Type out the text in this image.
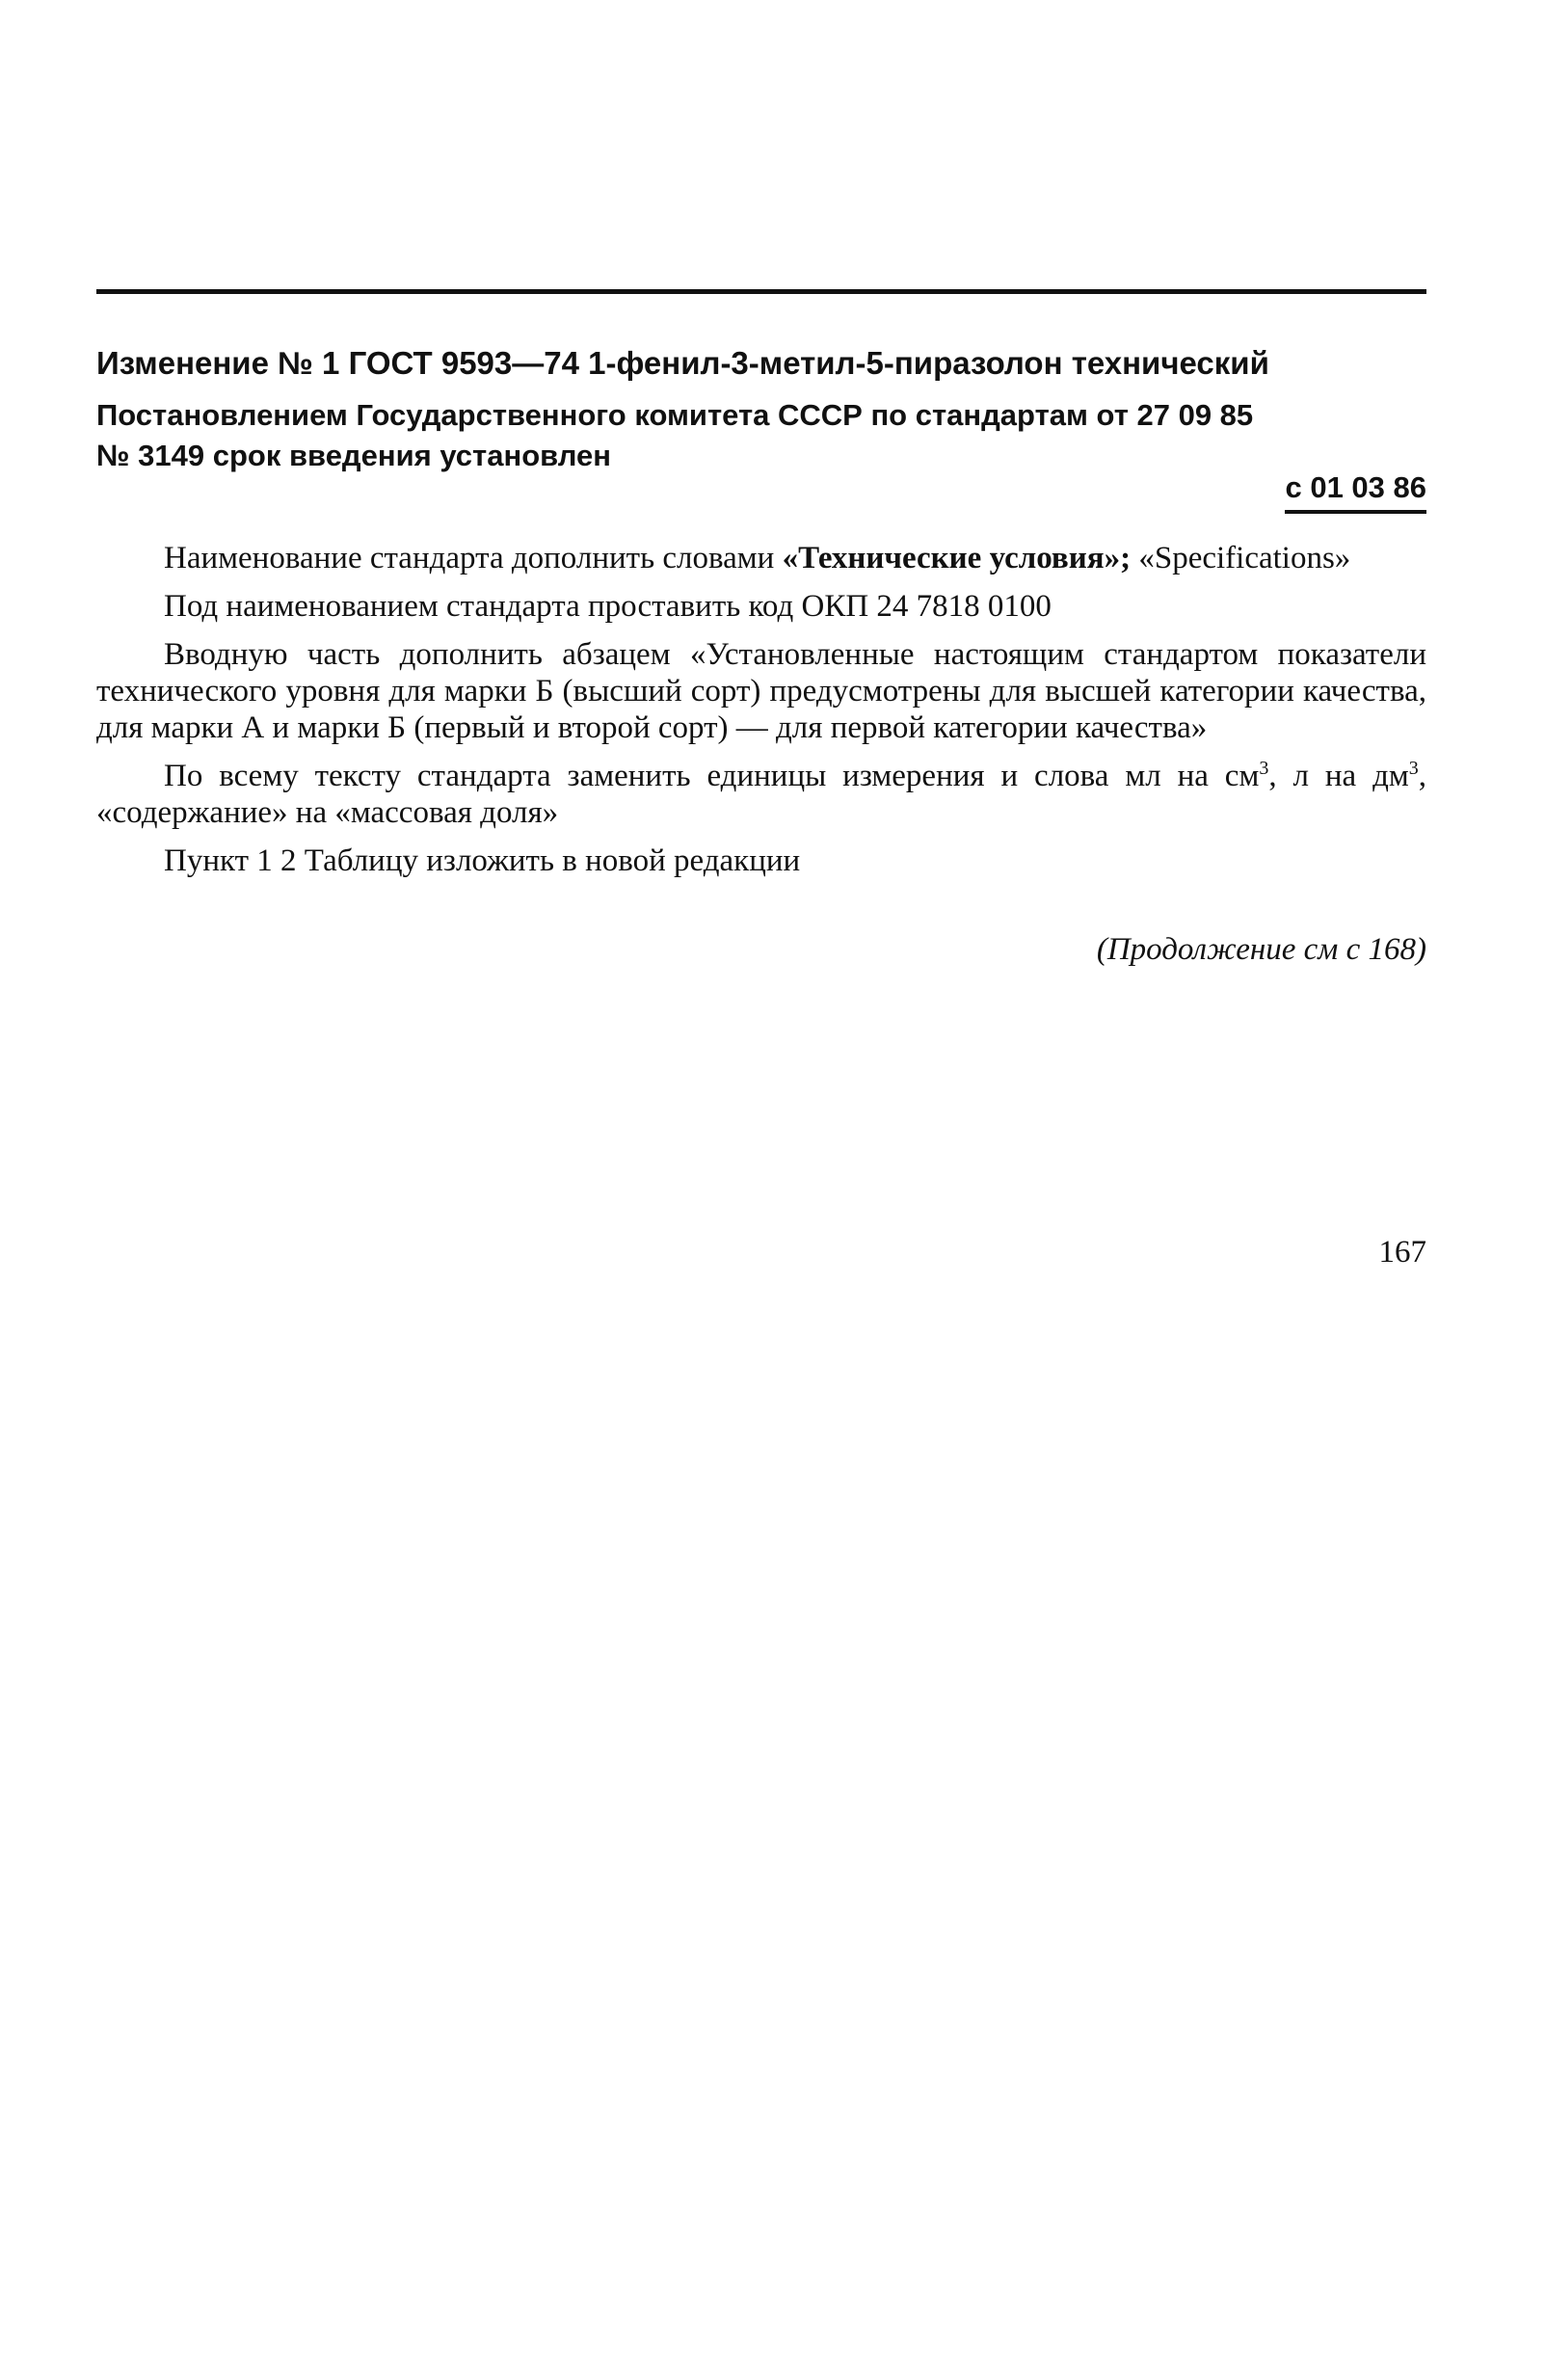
Изменение № 1 ГОСТ 9593—74 1-фенил-3-метил-5-пиразолон технический
Постановлением Государственного комитета СССР по стандартам от 27 09 85
№ 3149 срок введения установлен
с 01 03 86

Наименование стандарта дополнить словами «Технические условия»; «Specifications»

Под наименованием стандарта проставить код ОКП 24 7818 0100

Вводную часть дополнить абзацем «Установленные настоящим стандартом показатели технического уровня для марки Б (высший сорт) предусмотрены для высшей категории качества, для марки А и марки Б (первый и второй сорт) — для первой категории качества»

По всему тексту стандарта заменить единицы измерения и слова мл на $см^3$, л на $дм^3$, «содержание» на «массовая доля»

Пункт 1 2 Таблицу изложить в новой редакции

(Продолжение см с 168)
167
